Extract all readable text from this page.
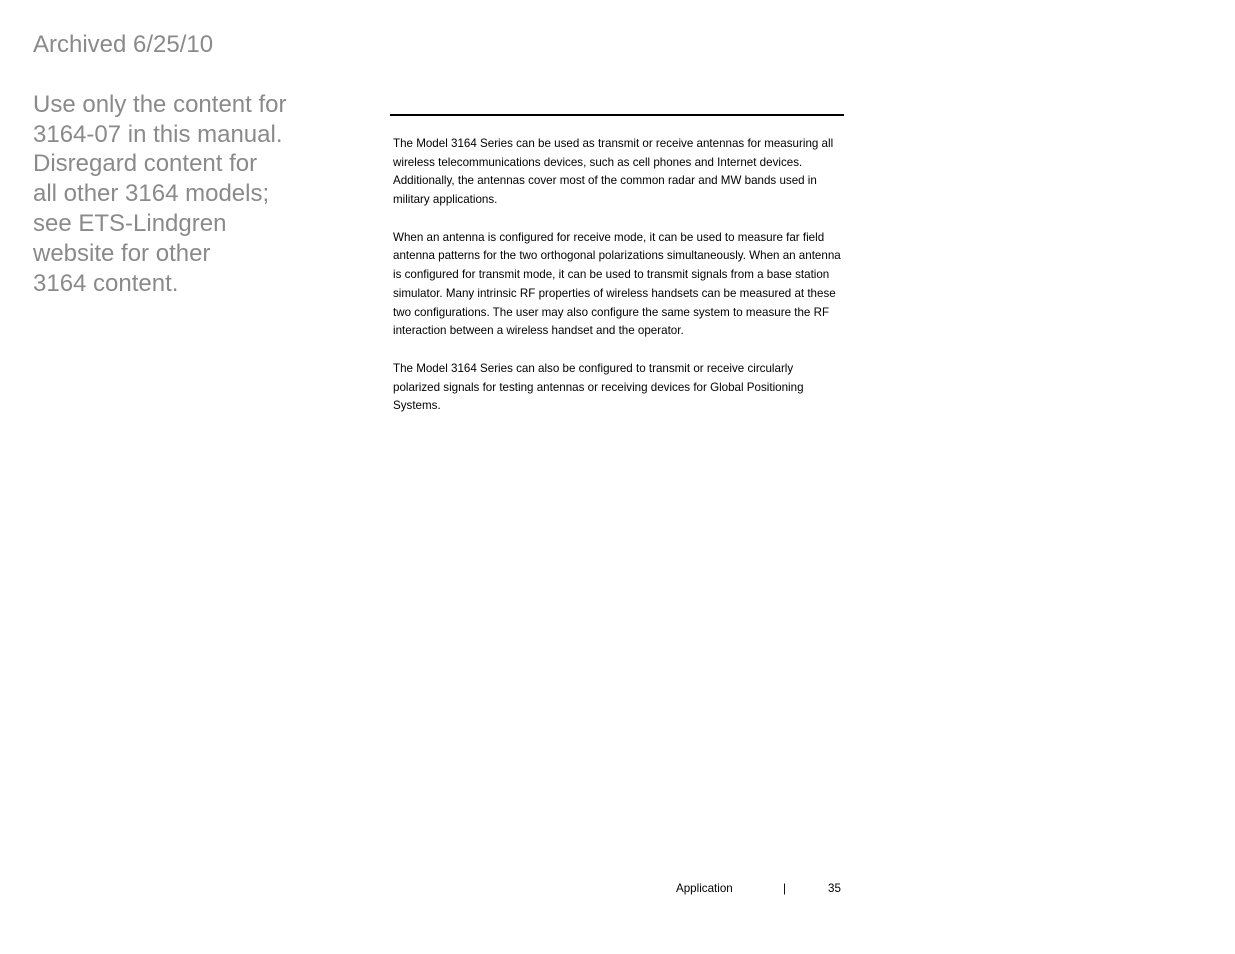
Archived 6/25/10
Use only the content for
3164-07 in this manual.
Disregard content for
all other 3164 models;
see ETS-Lindgren
website for other
3164 content.

The Model 3164 Series can be used as transmit or receive antennas for measuring all wireless telecommunications devices, such as cell phones and Internet devices. Additionally, the antennas cover most of the common radar and MW bands used in military applications.

When an antenna is configured for receive mode, it can be used to measure far field antenna patterns for the two orthogonal polarizations simultaneously. When an antenna is configured for transmit mode, it can be used to transmit signals from a base station simulator. Many intrinsic RF properties of wireless handsets can be measured at these two configurations. The user may also configure the same system to measure the RF interaction between a wireless handset and the operator.

The Model 3164 Series can also be configured to transmit or receive circularly polarized signals for testing antennas or receiving devices for Global Positioning Systems.

Application	|	35
